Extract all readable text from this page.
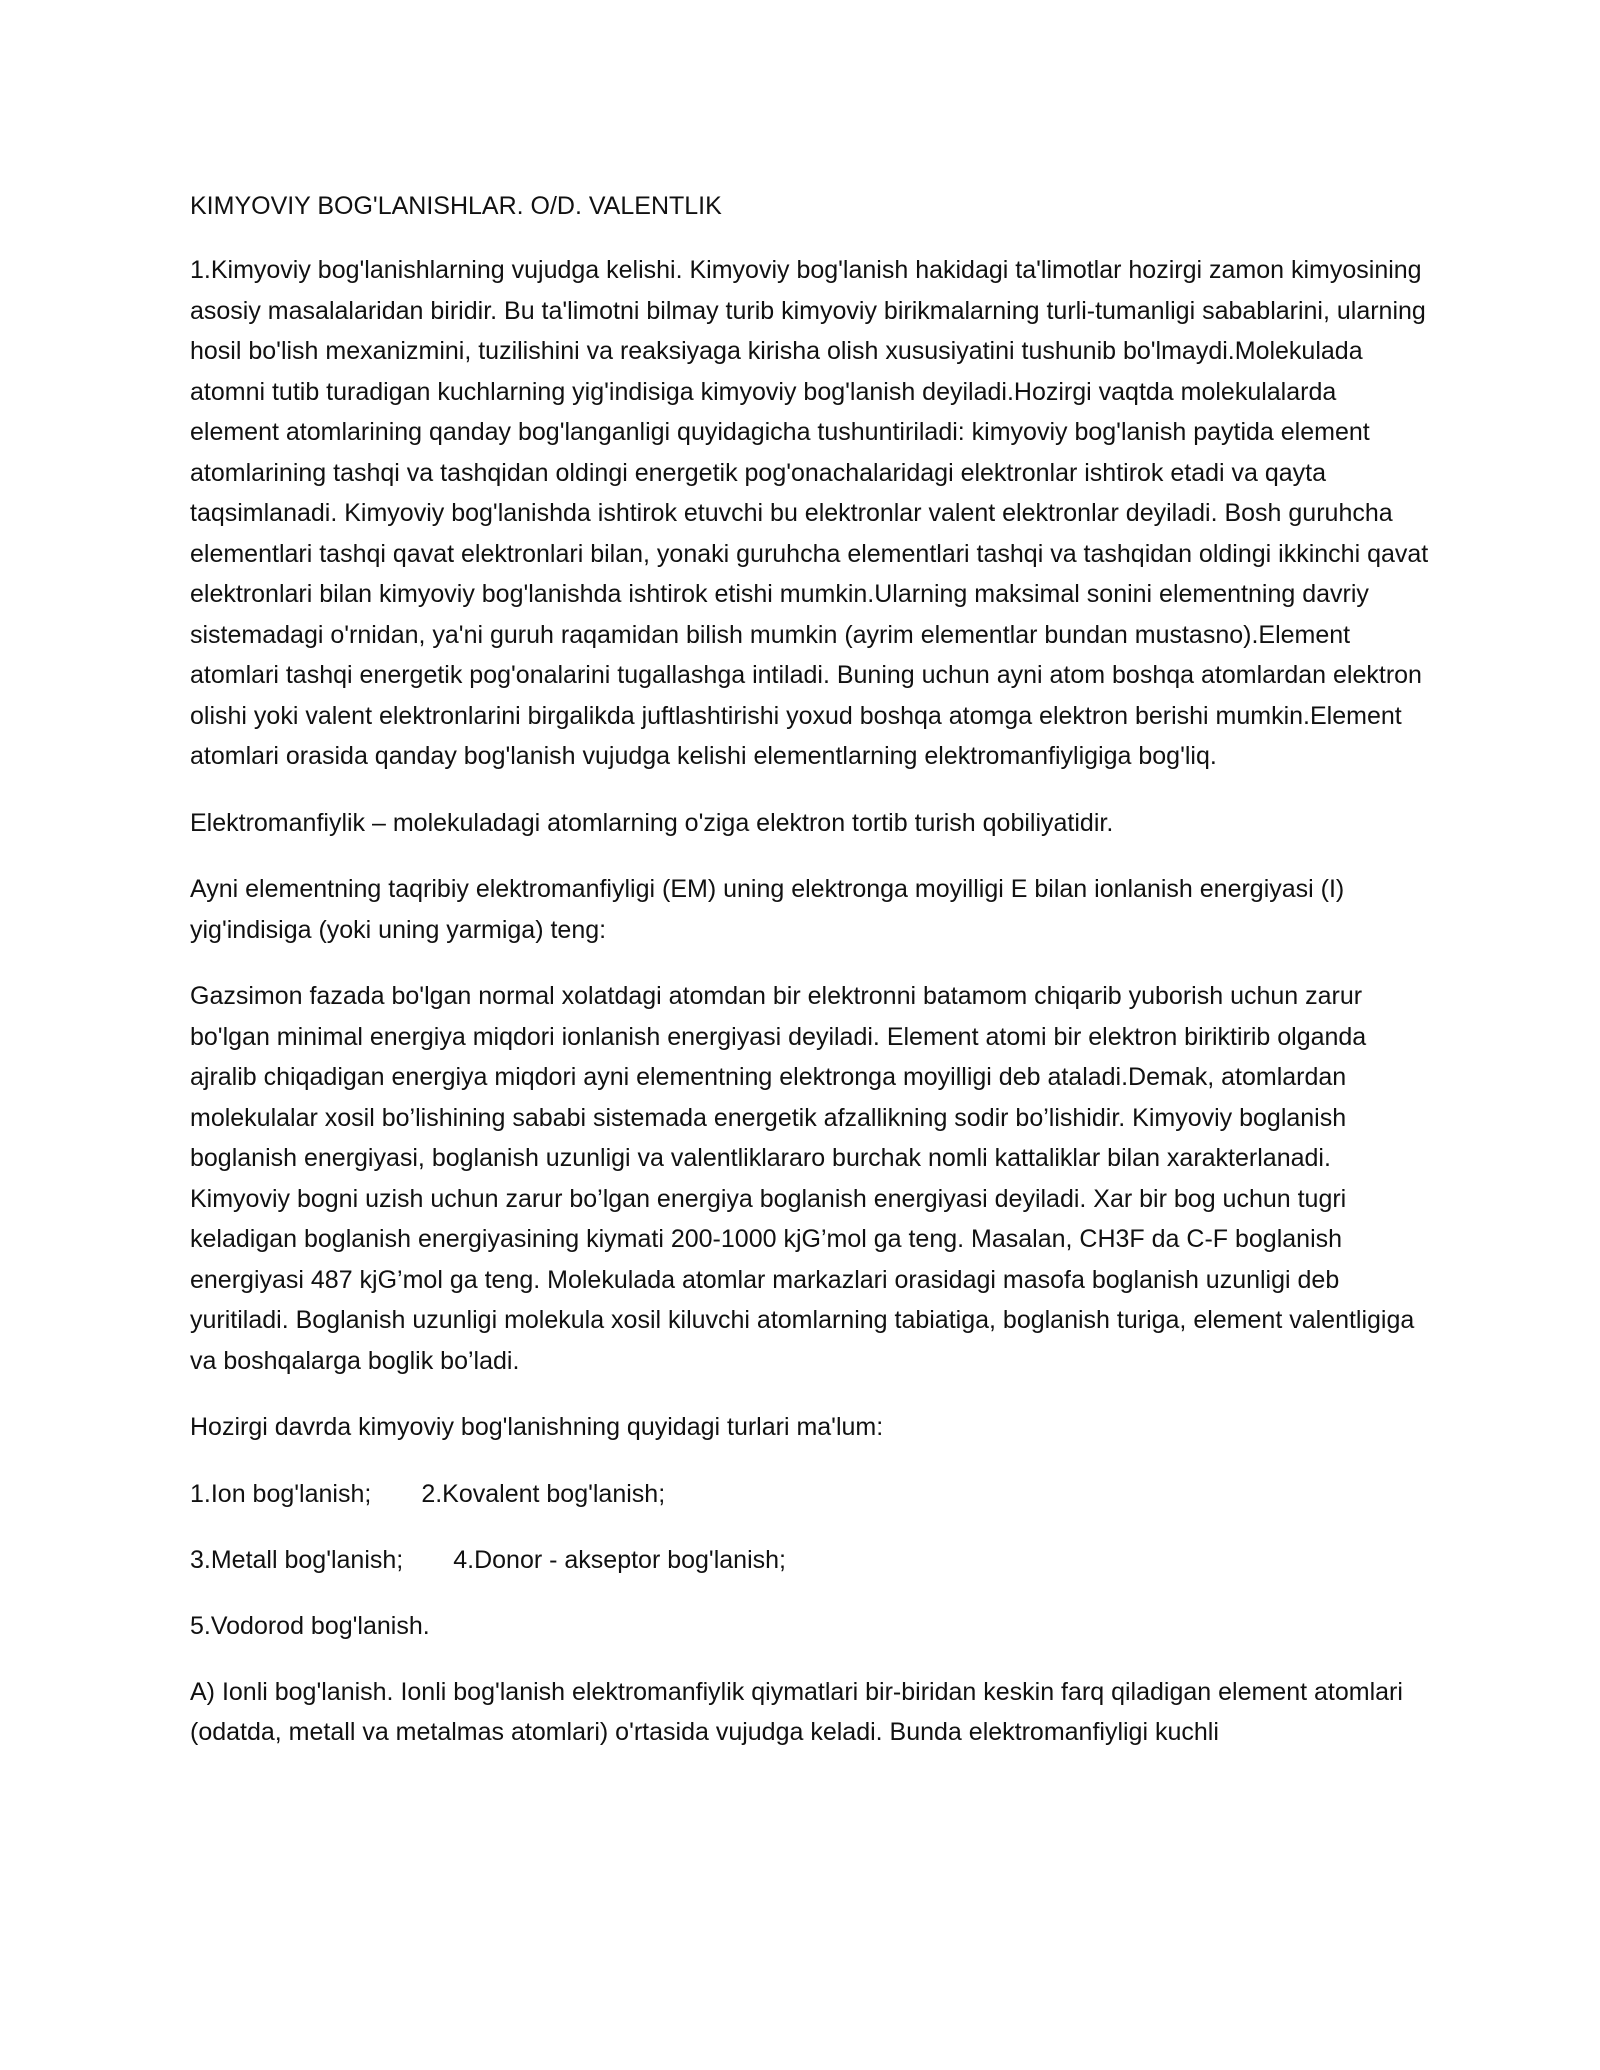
KIMYOVIY BOG'LANISHLAR. O/D. VALENTLIK

1.Kimyoviy bog'lanishlarning vujudga kelishi. Kimyoviy bog'lanish hakidagi ta'limotlar hozirgi zamon kimyosining asosiy masalalaridan biridir. Bu ta'limotni bilmay turib kimyoviy birikmalarning turli-tumanligi sabablarini, ularning hosil bo'lish mexanizmini, tuzilishini va reaksiyaga kirisha olish xususiyatini tushunib bo'lmaydi.Molekulada atomni tutib turadigan kuchlarning yig'indisiga kimyoviy bog'lanish deyiladi.Hozirgi vaqtda molekulalarda element atomlarining qanday bog'langanligi quyidagicha tushuntiriladi: kimyoviy bog'lanish paytida element atomlarining tashqi va tashqidan oldingi energetik pog'onachalaridagi elektronlar ishtirok etadi va qayta taqsimlanadi. Kimyoviy bog'lanishda ishtirok etuvchi bu elektronlar valent elektronlar deyiladi. Bosh guruhcha elementlari tashqi qavat elektronlari bilan, yonaki guruhcha elementlari tashqi va tashqidan oldingi ikkinchi qavat elektronlari bilan kimyoviy bog'lanishda ishtirok etishi mumkin.Ularning maksimal sonini elementning davriy sistemadagi o'rnidan, ya'ni guruh raqamidan bilish mumkin (ayrim elementlar bundan mustasno).Element atomlari tashqi energetik pog'onalarini tugallashga intiladi. Buning uchun ayni atom boshqa atomlardan elektron olishi yoki valent elektronlarini birgalikda juftlashtirishi yoxud boshqa atomga elektron berishi mumkin.Element atomlari orasida qanday bog'lanish vujudga kelishi elementlarning elektromanfiyligiga bog'liq.

Elektromanfiylik – molekuladagi atomlarning o'ziga elektron tortib turish qobiliyatidir.

Ayni elementning taqribiy elektromanfiyligi (EM) uning elektronga moyilligi E bilan ionlanish energiyasi (I) yig'indisiga (yoki uning yarmiga) teng:

Gazsimon fazada bo'lgan normal xolatdagi atomdan bir elektronni batamom chiqarib yuborish uchun zarur bo'lgan minimal energiya miqdori ionlanish energiyasi deyiladi. Element atomi bir elektron biriktirib olganda ajralib chiqadigan energiya miqdori ayni elementning elektronga moyilligi deb ataladi.Demak, atomlardan molekulalar xosil bo’lishining sababi sistemada energetik afzallikning sodir bo’lishidir. Kimyoviy boglanish boglanish energiyasi, boglanish uzunligi va valentliklararo burchak nomli kattaliklar bilan xarakterlanadi. Kimyoviy bogni uzish uchun zarur bo’lgan energiya boglanish energiyasi deyiladi. Xar bir bog uchun tugri keladigan boglanish energiyasining kiymati 200-1000 kjG’mol ga teng. Masalan, CH3F da C-F boglanish energiyasi 487 kjG’mol ga teng. Molekulada atomlar markazlari orasidagi masofa boglanish uzunligi deb yuritiladi. Boglanish uzunligi molekula xosil kiluvchi atomlarning tabiatiga, boglanish turiga, element valentligiga va boshqalarga boglik bo’ladi.

Hozirgi davrda kimyoviy bog'lanishning quyidagi turlari ma'lum:

1.Ion bog'lanish; 2.Kovalent bog'lanish;
3.Metall bog'lanish; 4.Donor - akseptor bog'lanish;
5.Vodorod bog'lanish.

A) Ionli bog'lanish. Ionli bog'lanish elektromanfiylik qiymatlari bir-biridan keskin farq qiladigan element atomlari (odatda, metall va metalmas atomlari) o'rtasida vujudga keladi. Bunda elektromanfiyligi kuchli
